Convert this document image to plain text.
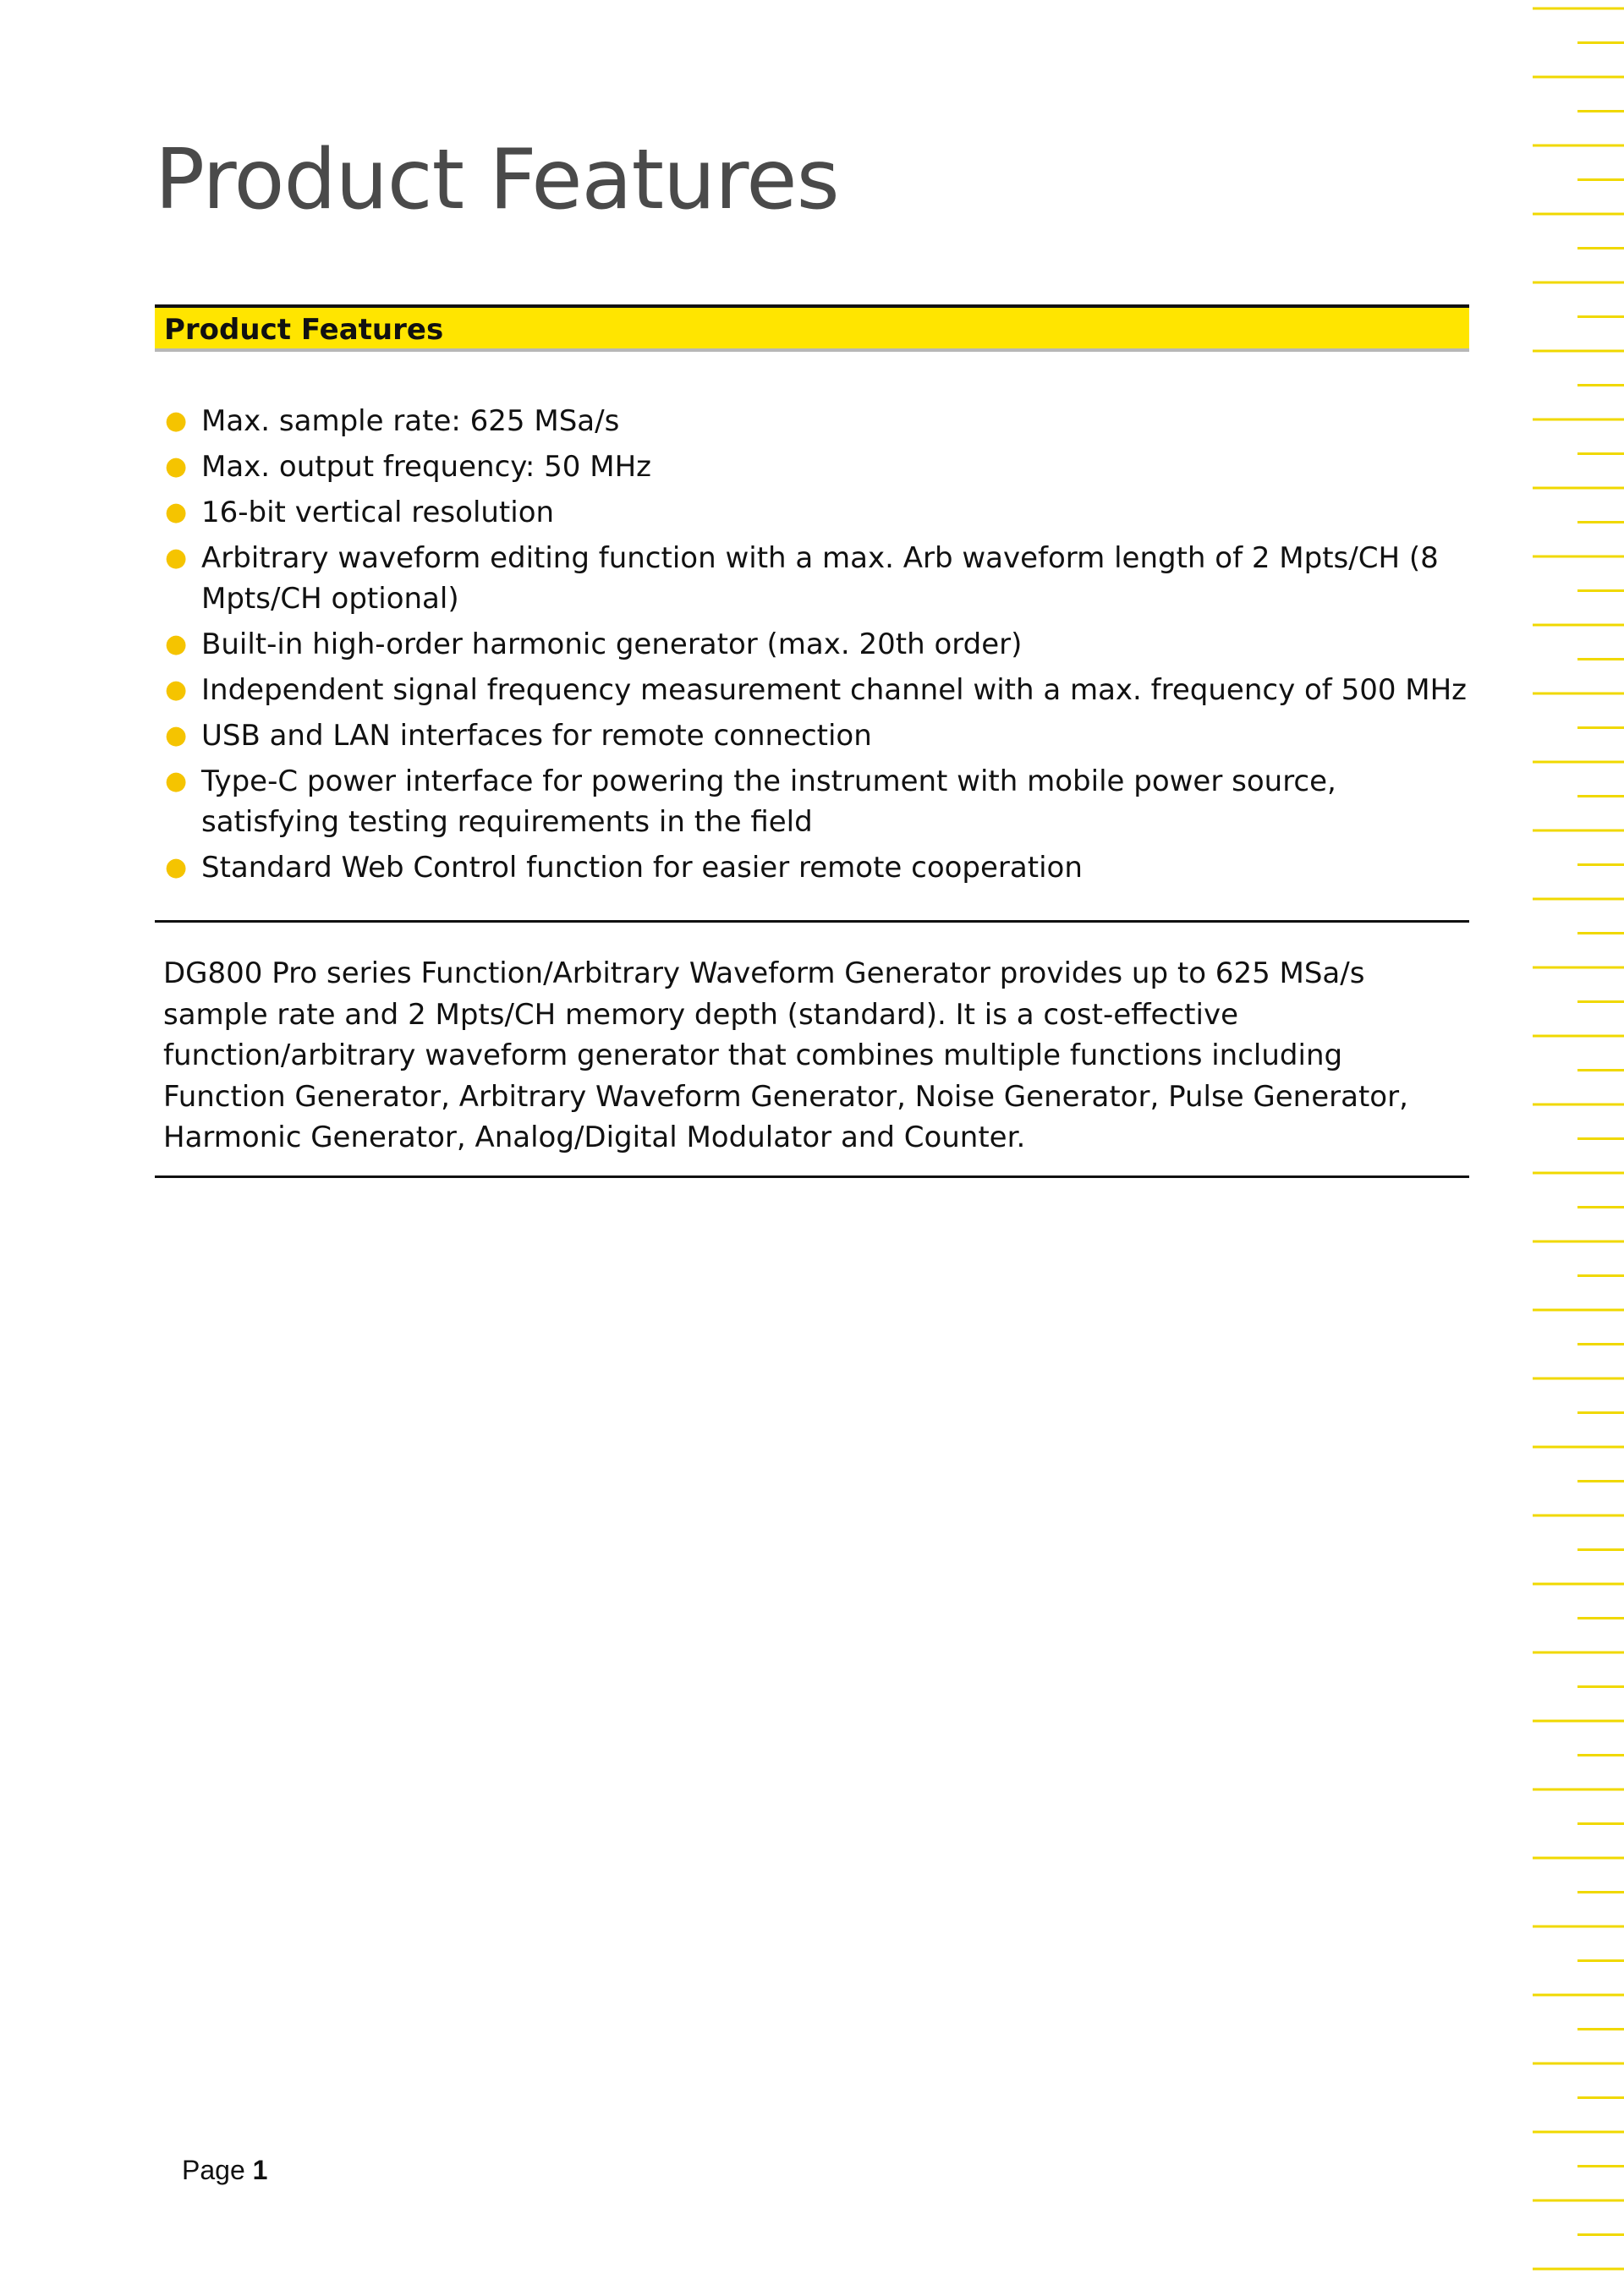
Product Features
Product Features
● Max. sample rate: 625 MSa/s
● Max. output frequency: 50 MHz
● 16-bit vertical resolution
● Arbitrary waveform editing function with a max. Arb waveform length of 2 Mpts/CH (8 Mpts/CH optional)
● Built-in high-order harmonic generator (max. 20th order)
● Independent signal frequency measurement channel with a max. frequency of 500 MHz
● USB and LAN interfaces for remote connection
● Type-C power interface for powering the instrument with mobile power source, satisfying testing requirements in the field
● Standard Web Control function for easier remote cooperation

DG800 Pro series Function/Arbitrary Waveform Generator provides up to 625 MSa/s sample rate and 2 Mpts/CH memory depth (standard). It is a cost-effective function/arbitrary waveform generator that combines multiple functions including Function Generator, Arbitrary Waveform Generator, Noise Generator, Pulse Generator, Harmonic Generator, Analog/Digital Modulator and Counter.

Page 1
